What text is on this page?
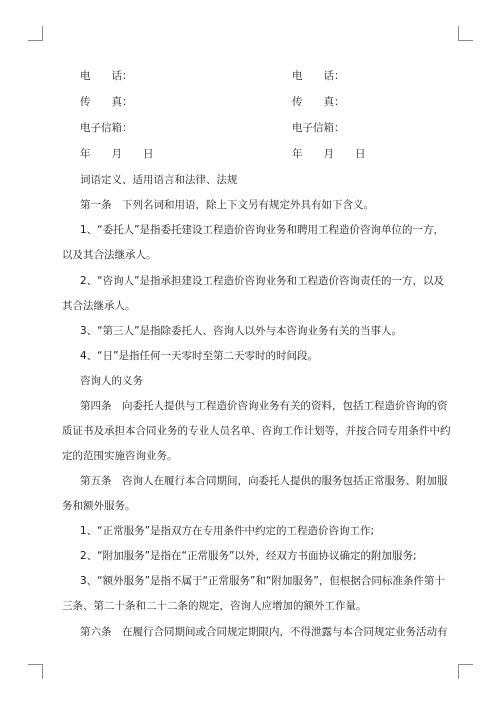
电　　话：
传　　真：
电子信箱：
年　　月　　日
电　　话：
传　　真：
电子信箱：
年　　月　　日
词语定义、适用语言和法律、法规
第一条　下列名词和用语，除上下文另有规定外具有如下含义。
1、“委托人”是指委托建设工程造价咨询业务和聘用工程造价咨询单位的一方，
以及其合法继承人。
2、“咨询人”是指承担建设工程造价咨询业务和工程造价咨询责任的一方，以及
其合法继承人。
3、“第三人”是指除委托人、咨询人以外与本咨询业务有关的当事人。
4、“日”是指任何一天零时至第二天零时的时间段。
咨询人的义务
第四条　向委托人提供与工程造价咨询业务有关的资料，包括工程造价咨询的资
质证书及承担本合同业务的专业人员名单、咨询工作计划等，并按合同专用条件中约
定的范围实施咨询业务。
第五条　咨询人在履行本合同期间，向委托人提供的服务包括正常服务、附加服
务和额外服务。
1、“正常服务”是指双方在专用条件中约定的工程造价咨询工作;
2、“附加服务”是指在“正常服务”以外，经双方书面协议确定的附加服务;
3、“额外服务”是指不属于“正常服务”和“附加服务”，但根据合同标准条件第十
三条、第二十条和二十二条的规定，咨询人应增加的额外工作量。
第六条　在履行合同期间或合同规定期限内，不得泄露与本合同规定业务活动有
